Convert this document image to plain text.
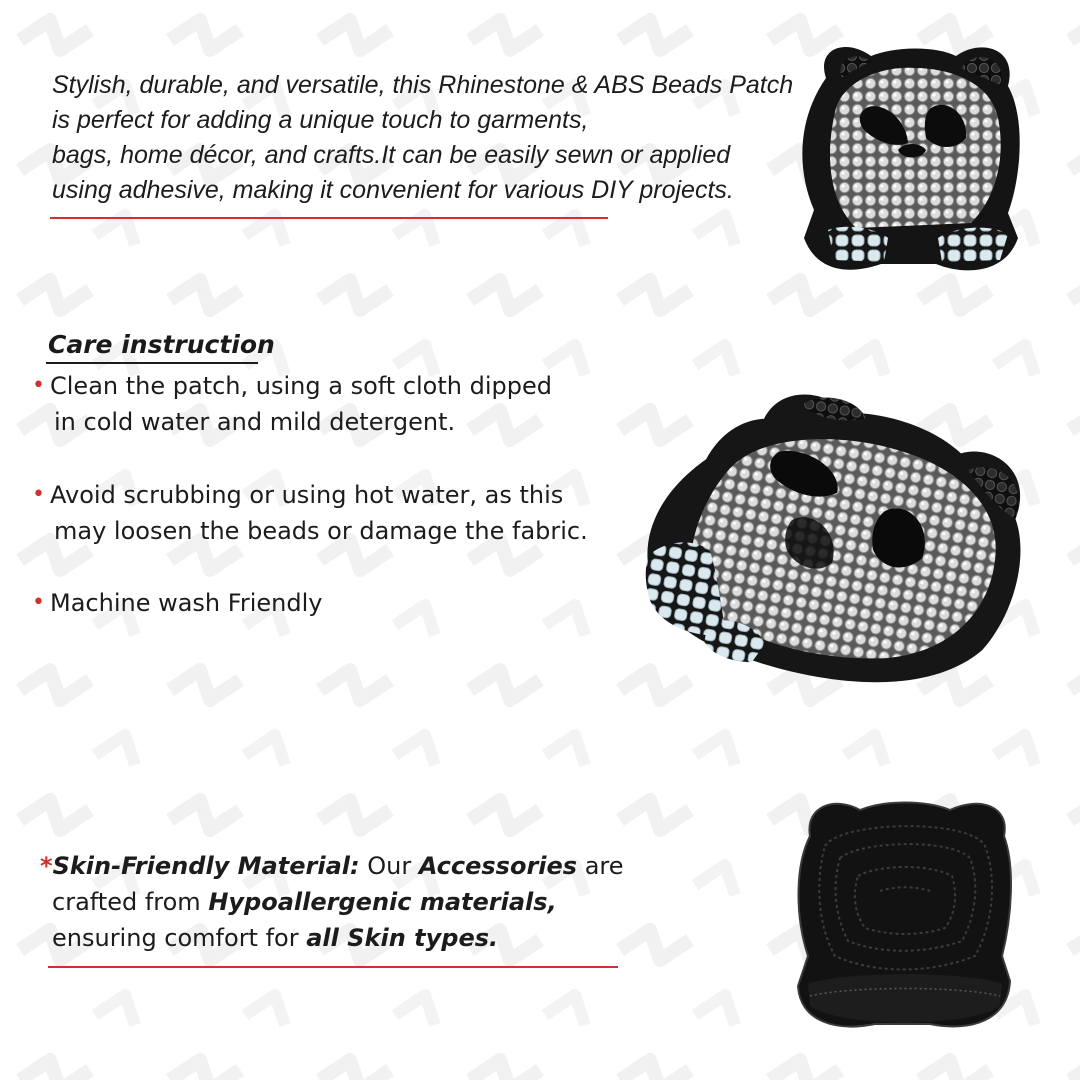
Stylish, durable, and versatile, this Rhinestone & ABS Beads Patch
is perfect for adding a unique touch to garments,
bags, home décor, and crafts.It can be easily sewn or applied
using adhesive, making it convenient for various DIY projects.
Care instruction
• Clean the patch, using a soft cloth dipped
in cold water and mild detergent.
• Avoid scrubbing or using hot water, as this
may loosen the beads or damage the fabric.
• Machine wash Friendly
*Skin-Friendly Material: Our Accessories are
crafted from Hypoallergenic materials,
ensuring comfort for all Skin types.
